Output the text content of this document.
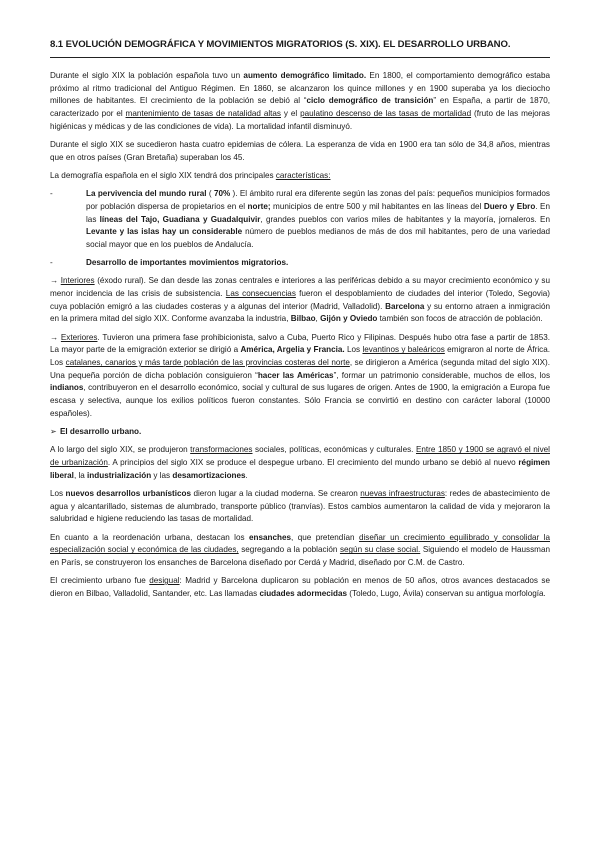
8.1 EVOLUCIÓN DEMOGRÁFICA Y MOVIMIENTOS MIGRATORIOS (S. XIX). EL DESARROLLO URBANO.

Durante el siglo XIX la población española tuvo un aumento demográfico limitado. En 1800, el comportamiento demográfico estaba próximo al ritmo tradicional del Antiguo Régimen. En 1860, se alcanzaron los quince millones y en 1900 superaba ya los dieciocho millones de habitantes. El crecimiento de la población se debió al “ciclo demográfico de transición” en España, a partir de 1870, caracterizado por el mantenimiento de tasas de natalidad altas y el paulatino descenso de las tasas de mortalidad (fruto de las mejoras higiénicas y médicas y de las condiciones de vida). La mortalidad infantil disminuyó.

Durante el siglo XIX se sucedieron hasta cuatro epidemias de cólera. La esperanza de vida en 1900 era tan sólo de 34,8 años, mientras que en otros países (Gran Bretaña) superaban los 45.

La demografía española en el siglo XIX tendrá dos principales características:

-	La pervivencia del mundo rural ( 70% ). El ámbito rural era diferente según las zonas del país: pequeños municipios formados por población dispersa de propietarios en el norte; municipios de entre 500 y mil habitantes en las líneas del Duero y Ebro. En las líneas del Tajo, Guadiana y Guadalquivir, grandes pueblos con varios miles de habitantes y la mayoría, jornaleros. En Levante y las islas hay un considerable número de pueblos medianos de más de dos mil habitantes, pero de una variedad social mayor que en los pueblos de Andalucía.
-	Desarrollo de importantes movimientos migratorios.

→ Interiores (éxodo rural). Se dan desde las zonas centrales e interiores a las periféricas debido a su mayor crecimiento económico y su menor incidencia de las crisis de subsistencia. Las consecuencias fueron el despoblamiento de ciudades del interior (Toledo, Segovia) cuya población emigró a las ciudades costeras y a algunas del interior (Madrid, Valladolid). Barcelona y su entorno atraen a inmigración en la primera mitad del siglo XIX. Conforme avanzaba la industria, Bilbao, Gijón y Oviedo también son focos de atracción de población.

→ Exteriores. Tuvieron una primera fase prohibicionista, salvo a Cuba, Puerto Rico y Filipinas. Después hubo otra fase a partir de 1853. La mayor parte de la emigración exterior se dirigió a América, Argelia y Francia. Los levantinos y baleáricos emigraron al norte de África. Los catalanes, canarios y más tarde población de las provincias costeras del norte, se dirigieron a América (segunda mitad del siglo XIX). Una pequeña porción de dicha población consiguieron “hacer las Américas”, formar un patrimonio considerable, muchos de ellos, los indianos, contribuyeron en el desarrollo económico, social y cultural de sus lugares de origen. Antes de 1900, la emigración a Europa fue escasa y selectiva, aunque los exilios políticos fueron constantes. Sólo Francia se convirtió en destino con carácter laboral (10000 españoles).

➢ El desarrollo urbano.

A lo largo del siglo XIX, se produjeron transformaciones sociales, políticas, económicas y culturales. Entre 1850 y 1900 se agravó el nivel de urbanización. A principios del siglo XIX se produce el despegue urbano. El crecimiento del mundo urbano se debió al nuevo régimen liberal, la industrialización y las desamortizaciones.

Los nuevos desarrollos urbanísticos dieron lugar a la ciudad moderna. Se crearon nuevas infraestructuras: redes de abastecimiento de agua y alcantarillado, sistemas de alumbrado, transporte público (tranvías). Estos cambios aumentaron la calidad de vida y mejoraron la salubridad e higiene reduciendo las tasas de mortalidad.

En cuanto a la reordenación urbana, destacan los ensanches, que pretendían diseñar un crecimiento equilibrado y consolidar la especialización social y económica de las ciudades, segregando a la población según su clase social. Siguiendo el modelo de Haussman en París, se construyeron los ensanches de Barcelona diseñado por Cerdá y Madrid, diseñado por C.M. de Castro.

El crecimiento urbano fue desigual: Madrid y Barcelona duplicaron su población en menos de 50 años, otros avances destacados se dieron en Bilbao, Valladolid, Santander, etc. Las llamadas ciudades adormecidas (Toledo, Lugo, Ávila) conservan su antigua morfología.
